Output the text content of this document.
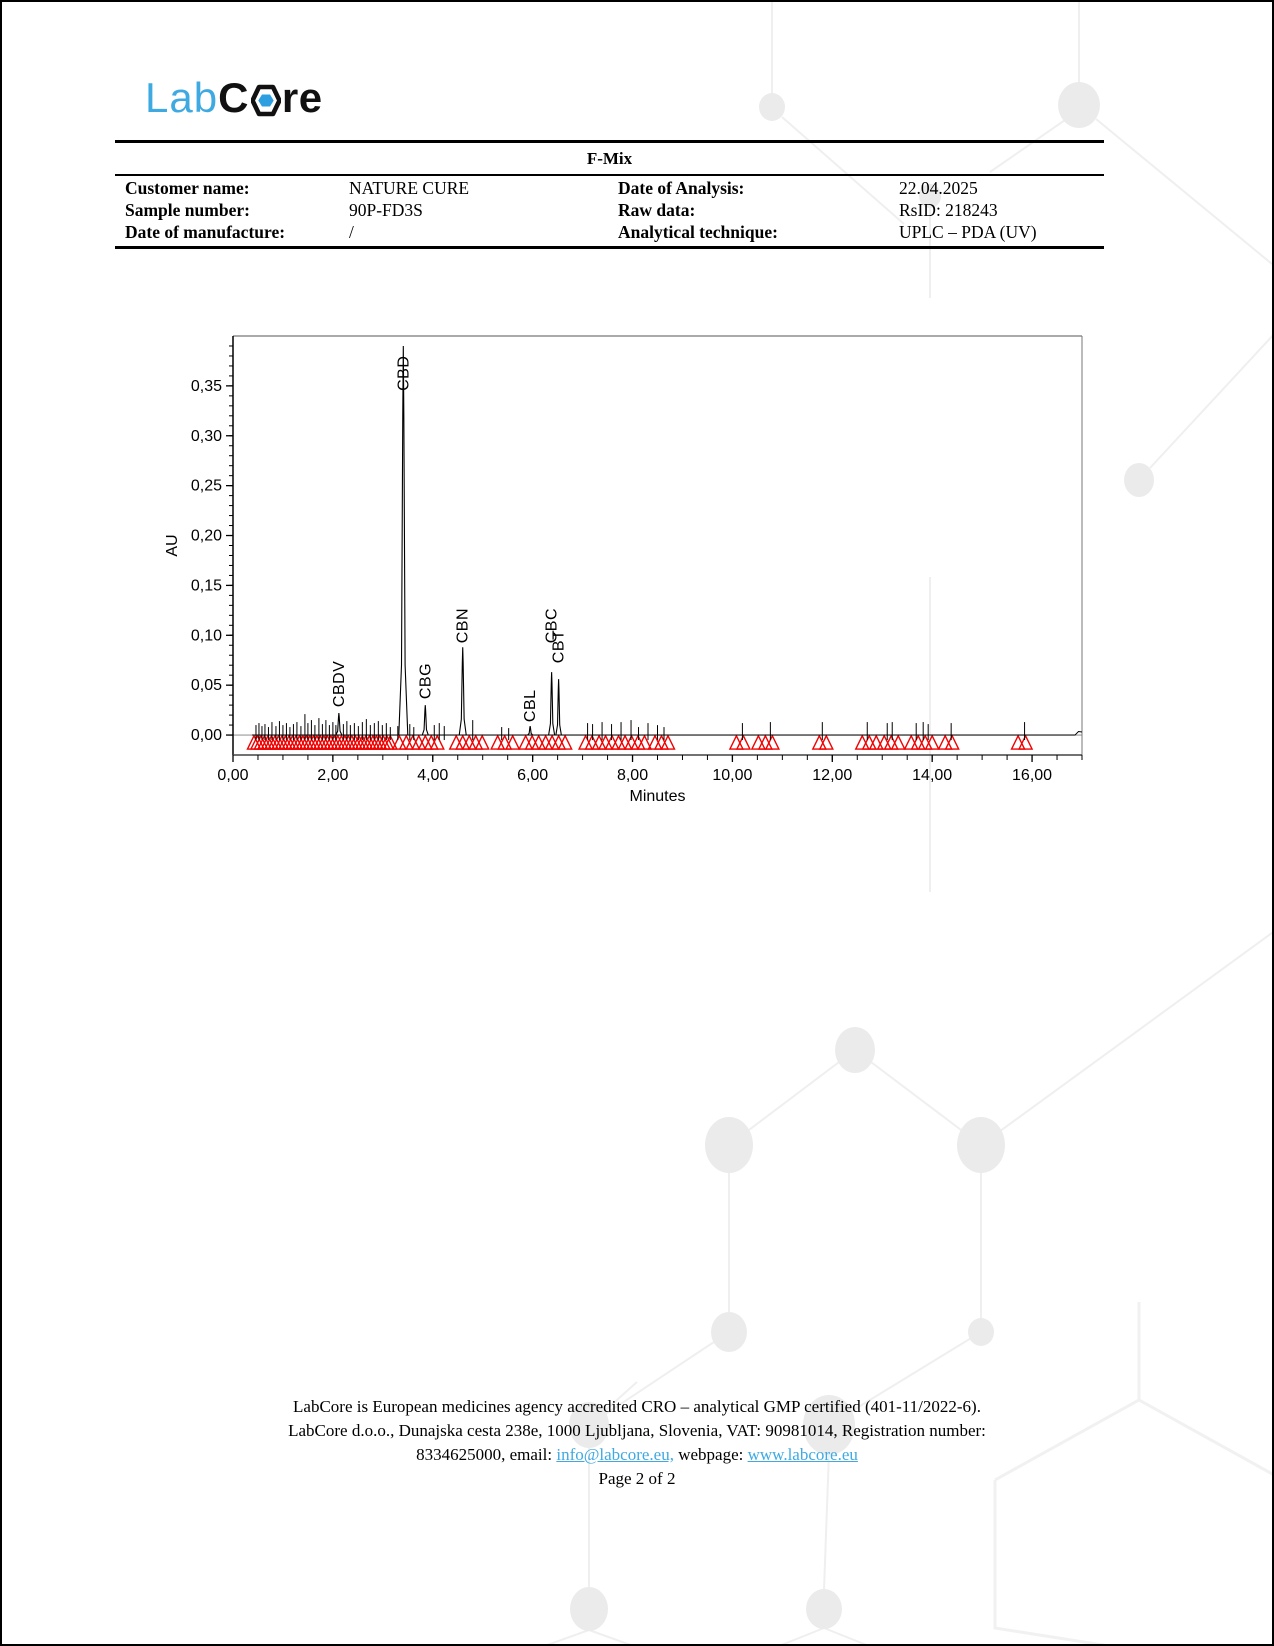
Lab C re
F-Mix
Customer name:	NATURE CURE	Date of Analysis:	22.04.2025
Sample number:	90P-FD3S	Raw data:	RsID: 218243
Date of manufacture:	/	Analytical technique:	UPLC – PDA (UV)
0,00
0,05
0,10
0,15
0,20
0,25
0,30
0,35
0,00	2,00	4,00	6,00	8,00	10,00	12,00	14,00	16,00
AU
Minutes
CBDV
CBD
CBG
CBN
CBL
CBC
CBT
LabCore is European medicines agency accredited CRO – analytical GMP certified (401-11/2022-6).
LabCore d.o.o., Dunajska cesta 238e, 1000 Ljubljana, Slovenia, VAT: 90981014, Registration number:
8334625000, email: info@labcore.eu, webpage: www.labcore.eu
Page 2 of 2
